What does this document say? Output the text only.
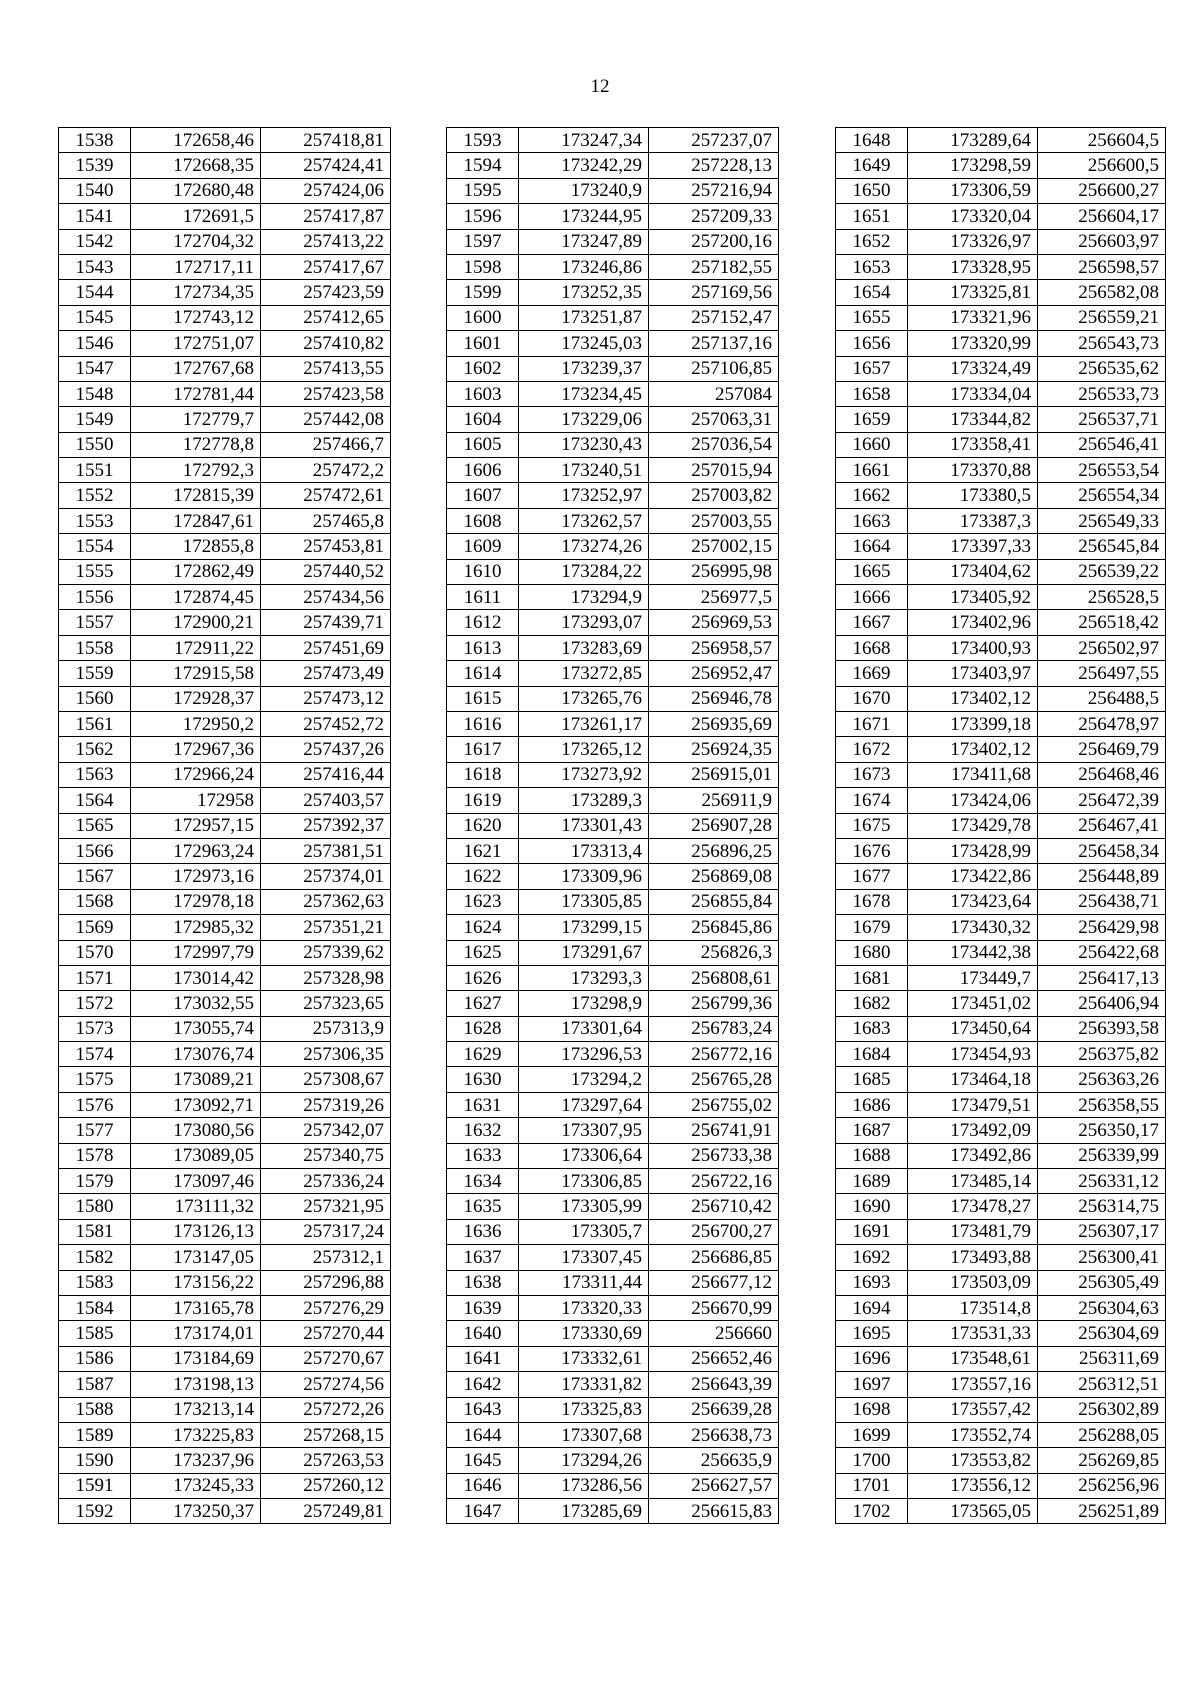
12
1538	172658,46	257418,81
1539	172668,35	257424,41
1540	172680,48	257424,06
1541	172691,5	257417,87
1542	172704,32	257413,22
1543	172717,11	257417,67
1544	172734,35	257423,59
1545	172743,12	257412,65
1546	172751,07	257410,82
1547	172767,68	257413,55
1548	172781,44	257423,58
1549	172779,7	257442,08
1550	172778,8	257466,7
1551	172792,3	257472,2
1552	172815,39	257472,61
1553	172847,61	257465,8
1554	172855,8	257453,81
1555	172862,49	257440,52
1556	172874,45	257434,56
1557	172900,21	257439,71
1558	172911,22	257451,69
1559	172915,58	257473,49
1560	172928,37	257473,12
1561	172950,2	257452,72
1562	172967,36	257437,26
1563	172966,24	257416,44
1564	172958	257403,57
1565	172957,15	257392,37
1566	172963,24	257381,51
1567	172973,16	257374,01
1568	172978,18	257362,63
1569	172985,32	257351,21
1570	172997,79	257339,62
1571	173014,42	257328,98
1572	173032,55	257323,65
1573	173055,74	257313,9
1574	173076,74	257306,35
1575	173089,21	257308,67
1576	173092,71	257319,26
1577	173080,56	257342,07
1578	173089,05	257340,75
1579	173097,46	257336,24
1580	173111,32	257321,95
1581	173126,13	257317,24
1582	173147,05	257312,1
1583	173156,22	257296,88
1584	173165,78	257276,29
1585	173174,01	257270,44
1586	173184,69	257270,67
1587	173198,13	257274,56
1588	173213,14	257272,26
1589	173225,83	257268,15
1590	173237,96	257263,53
1591	173245,33	257260,12
1592	173250,37	257249,81
1593	173247,34	257237,07
1594	173242,29	257228,13
1595	173240,9	257216,94
1596	173244,95	257209,33
1597	173247,89	257200,16
1598	173246,86	257182,55
1599	173252,35	257169,56
1600	173251,87	257152,47
1601	173245,03	257137,16
1602	173239,37	257106,85
1603	173234,45	257084
1604	173229,06	257063,31
1605	173230,43	257036,54
1606	173240,51	257015,94
1607	173252,97	257003,82
1608	173262,57	257003,55
1609	173274,26	257002,15
1610	173284,22	256995,98
1611	173294,9	256977,5
1612	173293,07	256969,53
1613	173283,69	256958,57
1614	173272,85	256952,47
1615	173265,76	256946,78
1616	173261,17	256935,69
1617	173265,12	256924,35
1618	173273,92	256915,01
1619	173289,3	256911,9
1620	173301,43	256907,28
1621	173313,4	256896,25
1622	173309,96	256869,08
1623	173305,85	256855,84
1624	173299,15	256845,86
1625	173291,67	256826,3
1626	173293,3	256808,61
1627	173298,9	256799,36
1628	173301,64	256783,24
1629	173296,53	256772,16
1630	173294,2	256765,28
1631	173297,64	256755,02
1632	173307,95	256741,91
1633	173306,64	256733,38
1634	173306,85	256722,16
1635	173305,99	256710,42
1636	173305,7	256700,27
1637	173307,45	256686,85
1638	173311,44	256677,12
1639	173320,33	256670,99
1640	173330,69	256660
1641	173332,61	256652,46
1642	173331,82	256643,39
1643	173325,83	256639,28
1644	173307,68	256638,73
1645	173294,26	256635,9
1646	173286,56	256627,57
1647	173285,69	256615,83
1648	173289,64	256604,5
1649	173298,59	256600,5
1650	173306,59	256600,27
1651	173320,04	256604,17
1652	173326,97	256603,97
1653	173328,95	256598,57
1654	173325,81	256582,08
1655	173321,96	256559,21
1656	173320,99	256543,73
1657	173324,49	256535,62
1658	173334,04	256533,73
1659	173344,82	256537,71
1660	173358,41	256546,41
1661	173370,88	256553,54
1662	173380,5	256554,34
1663	173387,3	256549,33
1664	173397,33	256545,84
1665	173404,62	256539,22
1666	173405,92	256528,5
1667	173402,96	256518,42
1668	173400,93	256502,97
1669	173403,97	256497,55
1670	173402,12	256488,5
1671	173399,18	256478,97
1672	173402,12	256469,79
1673	173411,68	256468,46
1674	173424,06	256472,39
1675	173429,78	256467,41
1676	173428,99	256458,34
1677	173422,86	256448,89
1678	173423,64	256438,71
1679	173430,32	256429,98
1680	173442,38	256422,68
1681	173449,7	256417,13
1682	173451,02	256406,94
1683	173450,64	256393,58
1684	173454,93	256375,82
1685	173464,18	256363,26
1686	173479,51	256358,55
1687	173492,09	256350,17
1688	173492,86	256339,99
1689	173485,14	256331,12
1690	173478,27	256314,75
1691	173481,79	256307,17
1692	173493,88	256300,41
1693	173503,09	256305,49
1694	173514,8	256304,63
1695	173531,33	256304,69
1696	173548,61	256311,69
1697	173557,16	256312,51
1698	173557,42	256302,89
1699	173552,74	256288,05
1700	173553,82	256269,85
1701	173556,12	256256,96
1702	173565,05	256251,89
